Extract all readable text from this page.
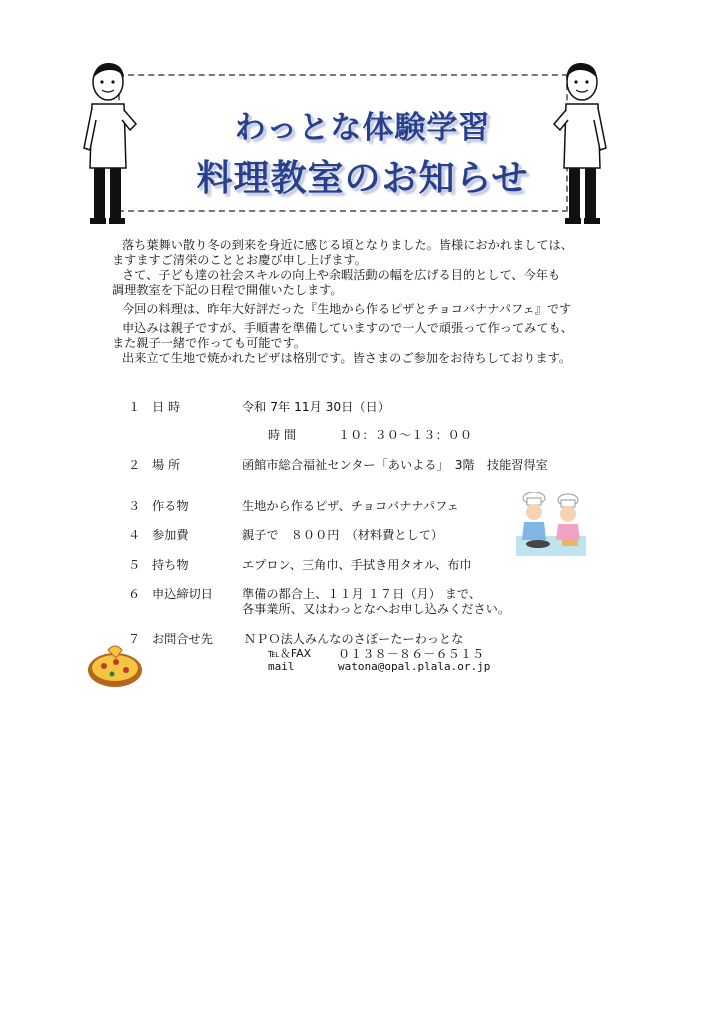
わっとな体験学習
料理教室のお知らせ

落ち葉舞い散り冬の到来を身近に感じる頃となりました。皆様におかれましては、

ますますご清栄のこととお慶び申し上げます。

さて、子ども達の社会スキルの向上や余暇活動の幅を広げる目的として、今年も

調理教室を下記の日程で開催いたします。

今回の料理は、昨年大好評だった『生地から作るピザとチョコバナナパフェ』です

申込みは親子ですが、手順書を準備していますので一人で頑張って作ってみても、

また親子一緒で作っても可能です。

出来立て生地で焼かれたピザは格別です。皆さまのご参加をお待ちしております。

１ 日 時	令和 7年 11月 30日（日）
時 間	１０：３０～１３：００
２ 場 所	函館市総合福祉センター「あいよる」　3階　技能習得室
３ 作る物	生地から作るピザ、チョコバナナパフェ
４ 参加費	親子で　８００円　（材料費として）
５ 持ち物	エプロン、三角巾、手拭き用タオル、布巾
６ 申込締切日 準備の都合上、１１月 １７日（月） まで、
各事業所、又はわっとなへお申し込みください。
７ お問合せ先	ＮＰＯ法人みんなのさぽーたーわっとな
℡＆FAX ０１３８－８６－６５１５
mail	watona@opal.plala.or.jp
